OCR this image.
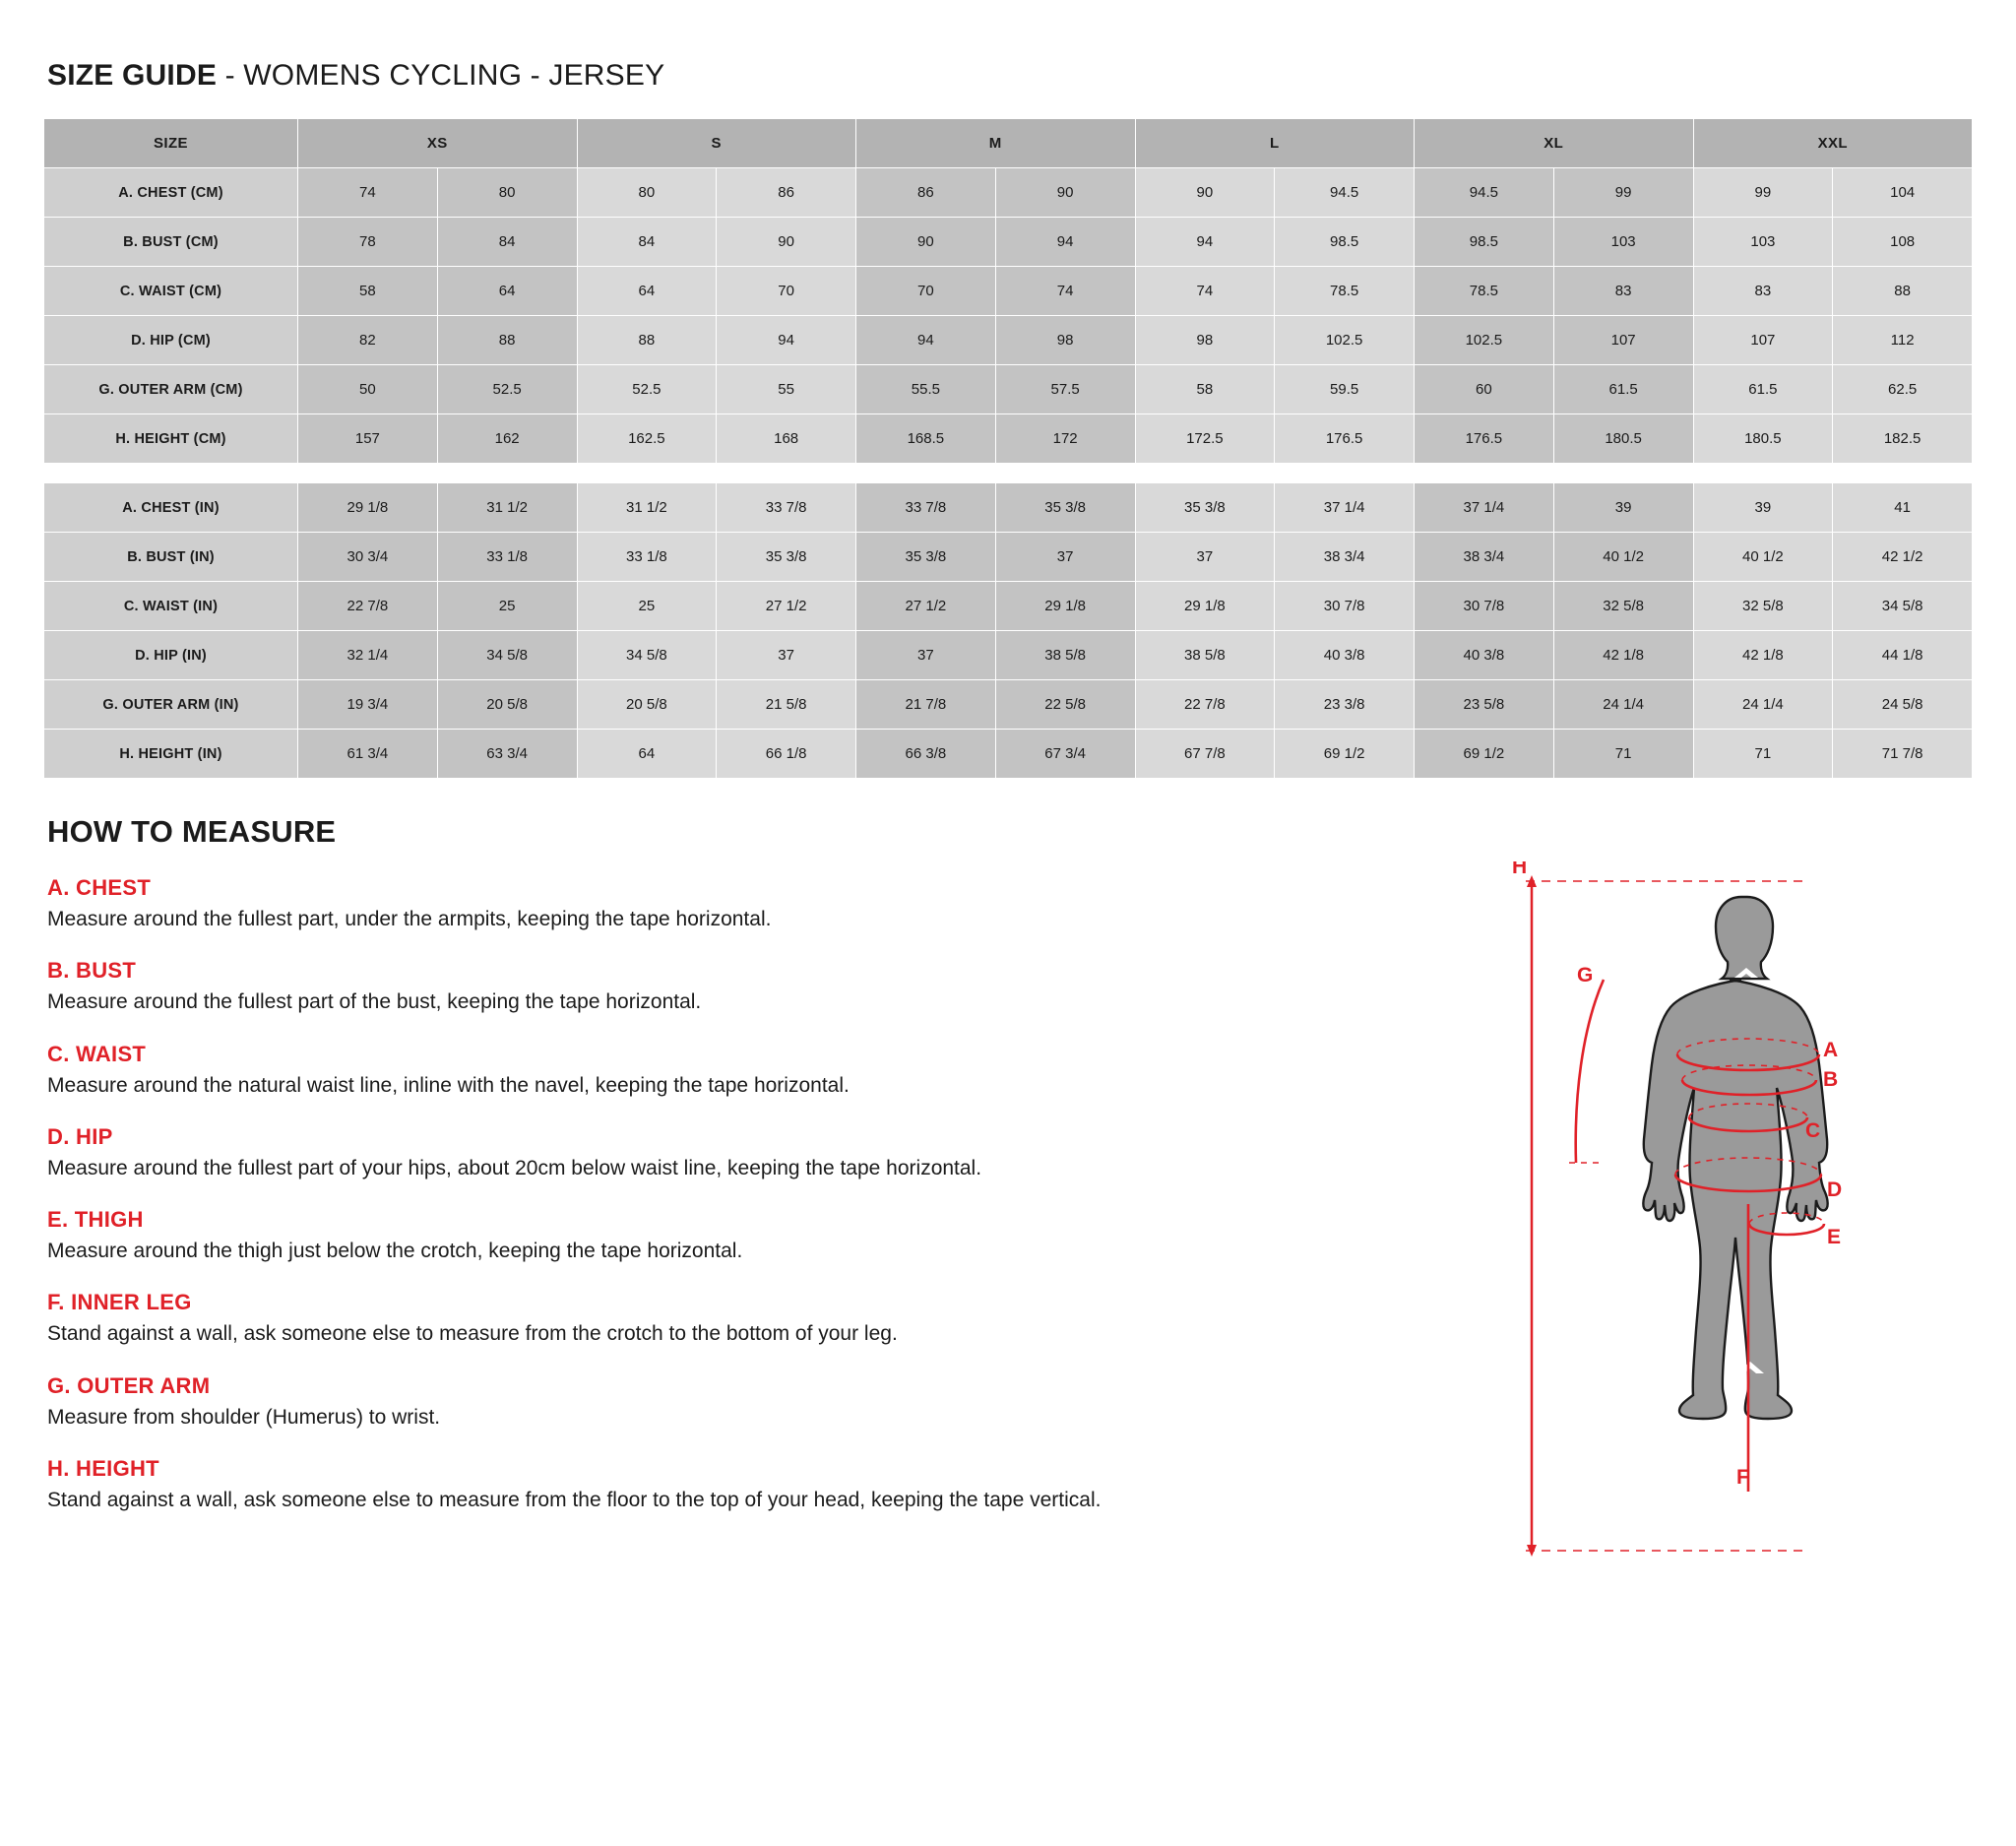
SIZE GUIDE - WOMENS CYCLING - JERSEY
SIZE	XS		S		M		L		XL		XXL	
A. CHEST (CM)	74	80	80	86	86	90	90	94.5	94.5	99	99	104
B. BUST (CM)	78	84	84	90	90	94	94	98.5	98.5	103	103	108
C. WAIST (CM)	58	64	64	70	70	74	74	78.5	78.5	83	83	88
D. HIP (CM)	82	88	88	94	94	98	98	102.5	102.5	107	107	112
G. OUTER ARM (CM)	50	52.5	52.5	55	55.5	57.5	58	59.5	60	61.5	61.5	62.5
H. HEIGHT (CM)	157	162	162.5	168	168.5	172	172.5	176.5	176.5	180.5	180.5	182.5

A. CHEST (IN)	29 1/8	31 1/2	31 1/2	33 7/8	33 7/8	35 3/8	35 3/8	37 1/4	37 1/4	39	39	41
B. BUST (IN)	30 3/4	33 1/8	33 1/8	35 3/8	35 3/8	37	37	38 3/4	38 3/4	40 1/2	40 1/2	42 1/2
C. WAIST (IN)	22 7/8	25	25	27 1/2	27 1/2	29 1/8	29 1/8	30 7/8	30 7/8	32 5/8	32 5/8	34 5/8
D. HIP (IN)	32 1/4	34 5/8	34 5/8	37	37	38 5/8	38 5/8	40 3/8	40 3/8	42 1/8	42 1/8	44 1/8
G. OUTER ARM (IN)	19 3/4	20 5/8	20 5/8	21 5/8	21 7/8	22 5/8	22 7/8	23 3/8	23 5/8	24 1/4	24 1/4	24 5/8
H. HEIGHT (IN)	61 3/4	63 3/4	64	66 1/8	66 3/8	67 3/4	67 7/8	69 1/2	69 1/2	71	71	71 7/8
HOW TO MEASURE
A. CHEST
Measure around the fullest part, under the armpits, keeping the tape horizontal.
B. BUST
Measure around the fullest part of the bust, keeping the tape horizontal.
C. WAIST
Measure around the natural waist line, inline with the navel, keeping the tape horizontal.
D. HIP
Measure around the fullest part of your hips, about 20cm below waist line, keeping the tape horizontal.
E. THIGH
Measure around the thigh just below the crotch, keeping the tape horizontal.
F. INNER LEG
Stand against a wall, ask someone else to measure from the crotch to the bottom of your leg.
G. OUTER ARM
Measure from shoulder (Humerus) to wrist.
H. HEIGHT
Stand against a wall, ask someone else to measure from the floor to the top of your head, keeping the tape vertical.
H
G
A
B
C
D
E
F
